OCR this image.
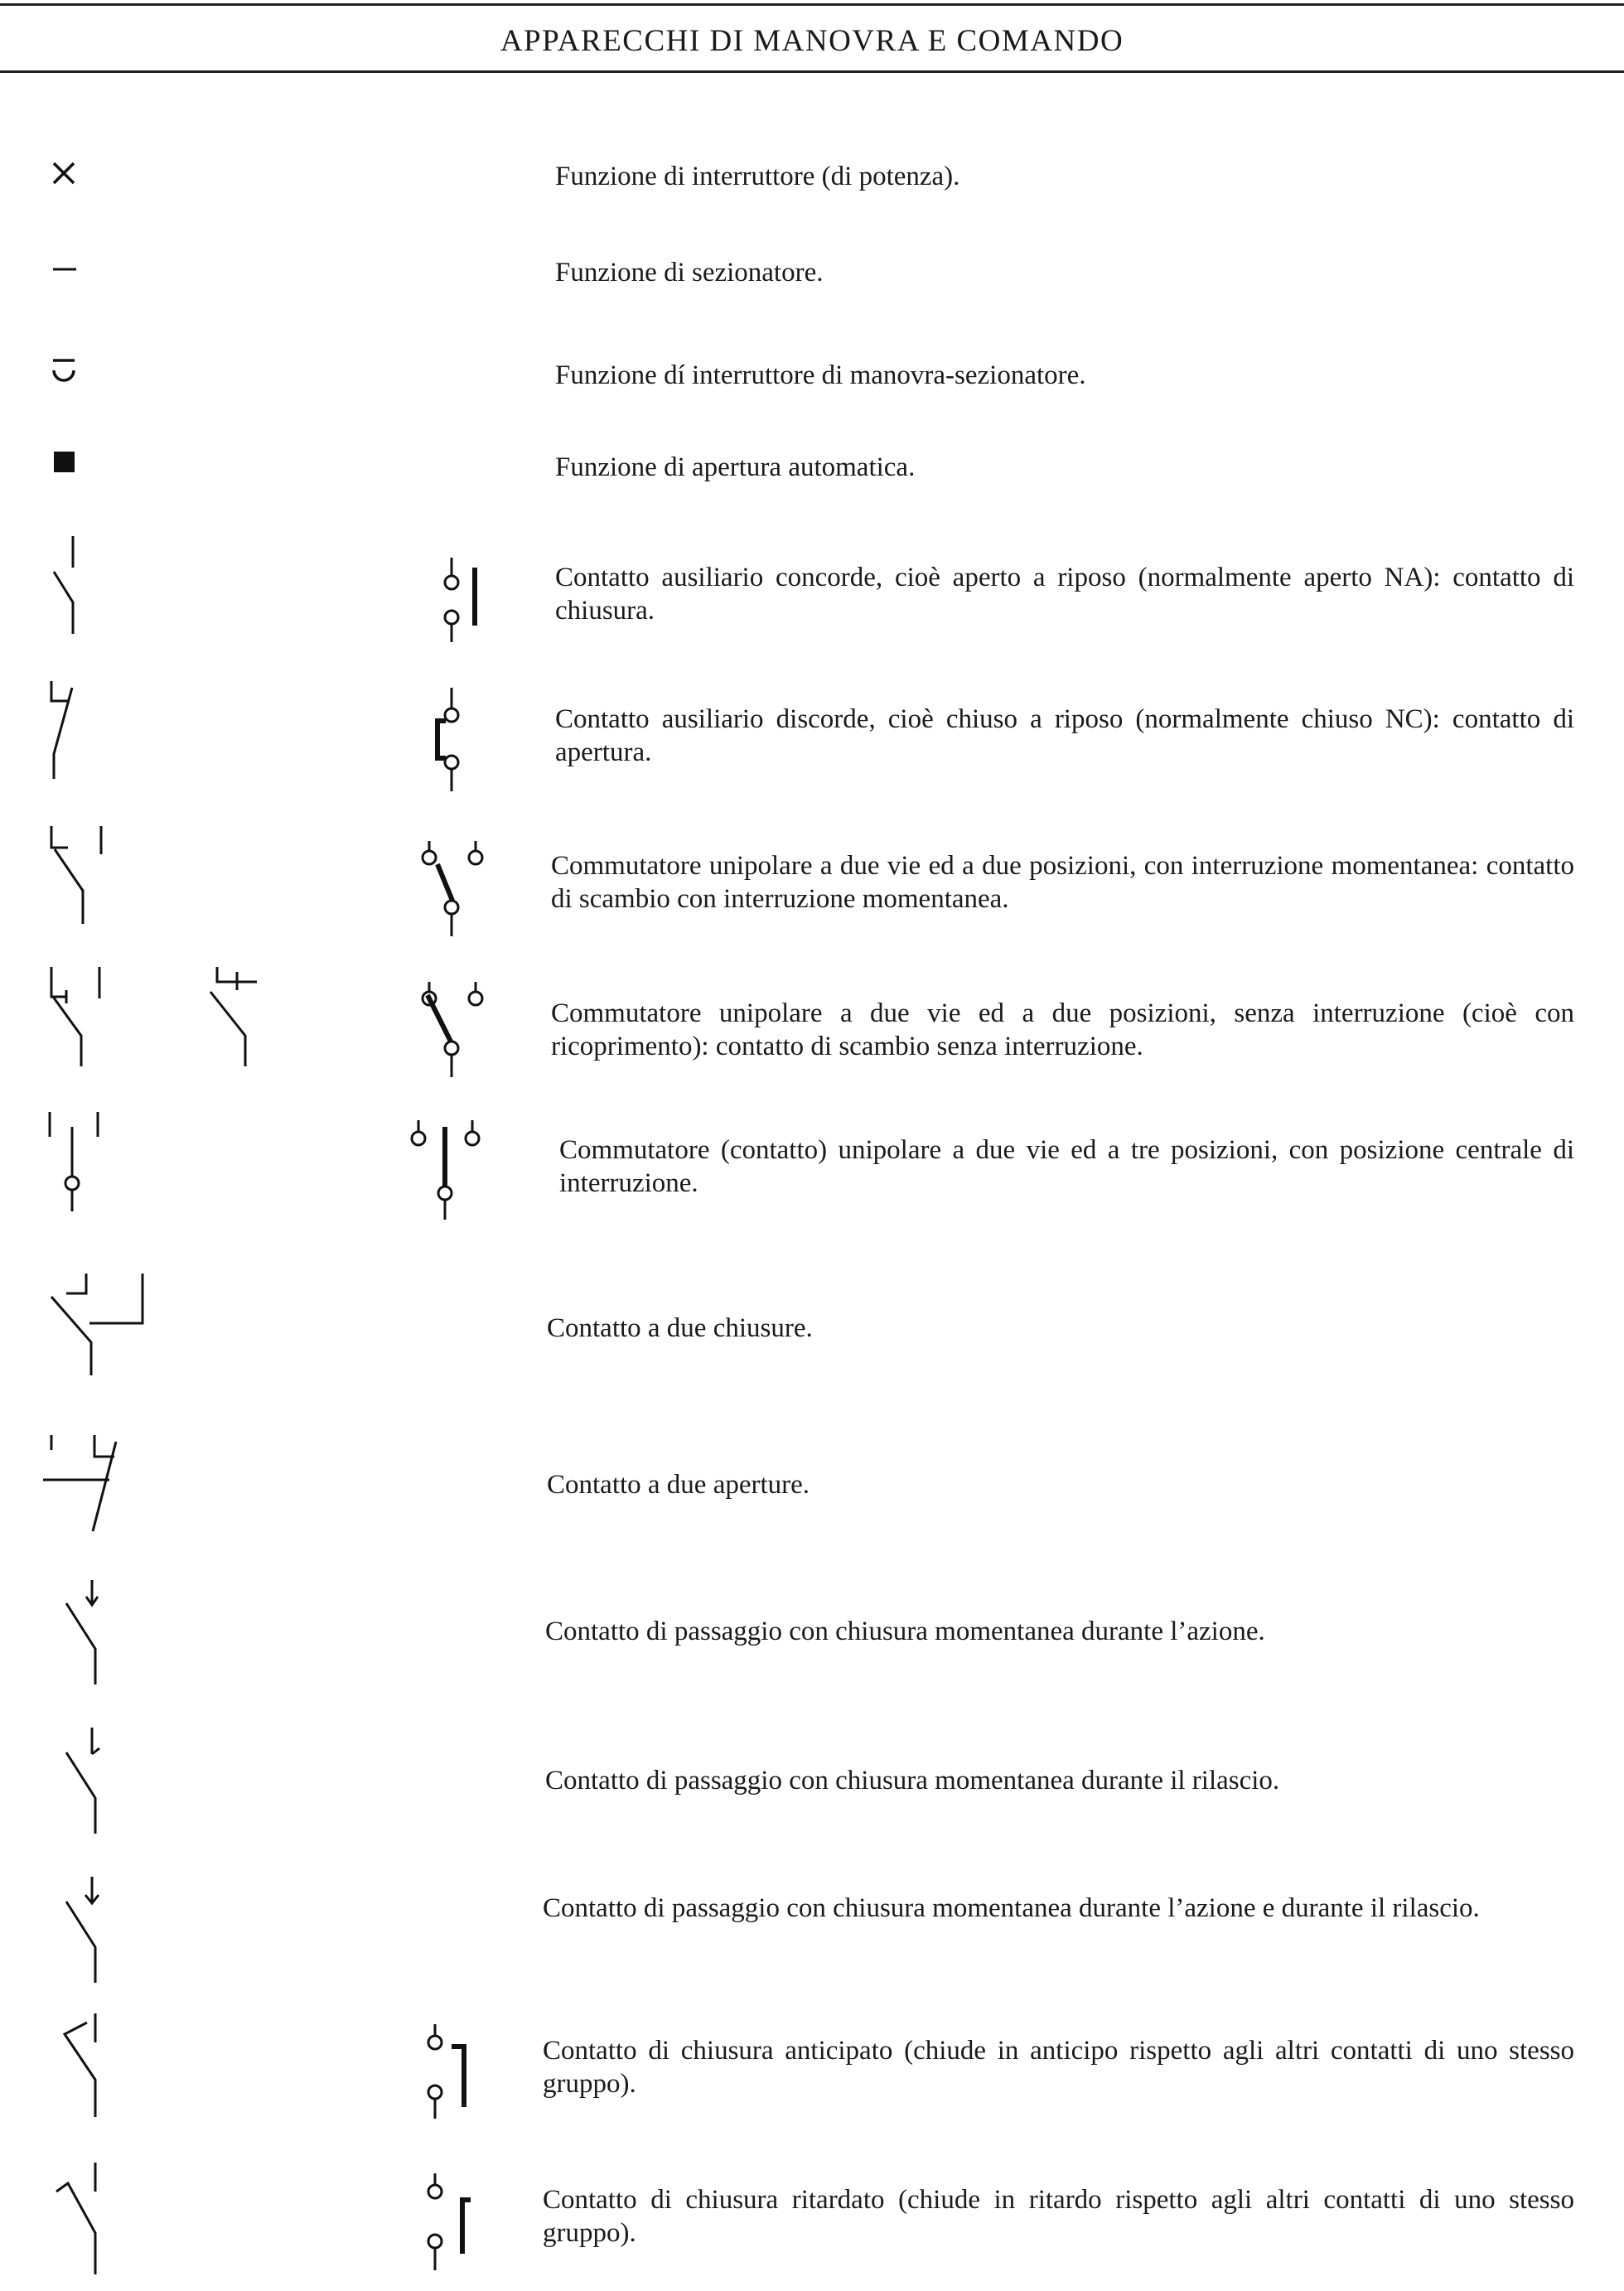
APPARECCHI DI MANOVRA E COMANDO
Funzione di interruttore (di potenza).
Funzione di sezionatore.
Funzione dí interruttore di manovra-sezionatore.
Funzione di apertura automatica.
Contatto ausiliario concorde, cioè aperto a riposo (normalmente aperto NA): contatto di chiusura.
Contatto ausiliario discorde, cioè chiuso a riposo (normalmente chiuso NC): contatto di apertura.
Commutatore unipolare a due vie ed a due posizioni, con interruzione momentanea: contatto di scambio con interruzione momentanea.
Commutatore unipolare a due vie ed a due posizioni, senza interruzione (cioè con ricoprimento): contatto di scambio senza interruzione.
Commutatore (contatto) unipolare a due vie ed a tre posizioni, con posizione centrale di interruzione.
Contatto a due chiusure.
Contatto a due aperture.
Contatto di passaggio con chiusura momentanea durante l’azione.
Contatto di passaggio con chiusura momentanea durante il rilascio.
Contatto di passaggio con chiusura momentanea durante l’azione e durante il rilascio.
Contatto di chiusura anticipato (chiude in anticipo rispetto agli altri contatti di uno stesso gruppo).
Contatto di chiusura ritardato (chiude in ritardo rispetto agli altri contatti di uno stesso gruppo).
